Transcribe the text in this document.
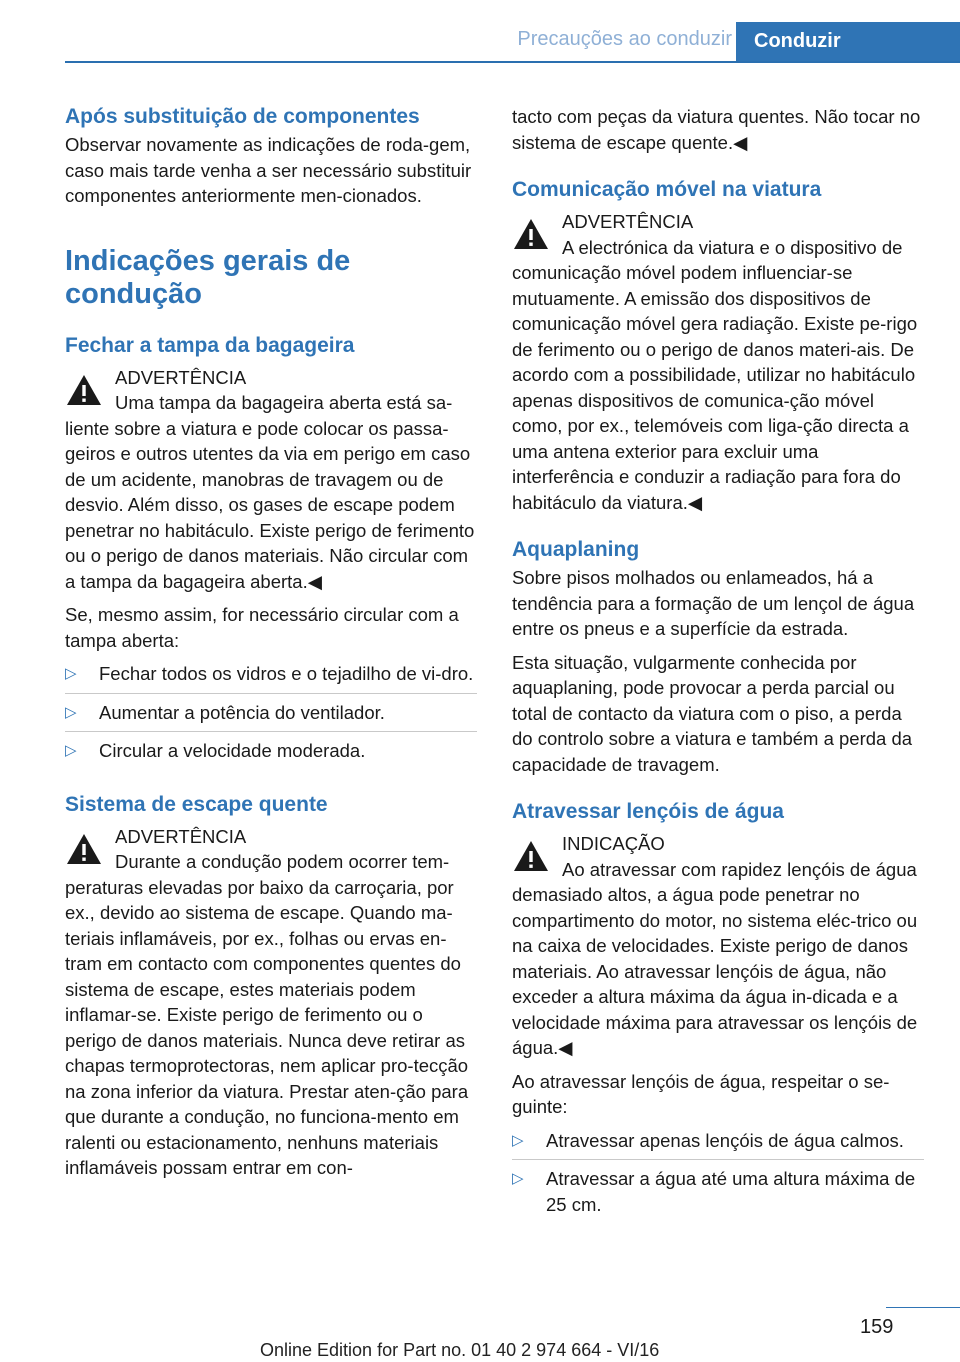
Precauções ao conduzir	Conduzir
Após substituição de componentes

Observar novamente as indicações de roda-gem, caso mais tarde venha a ser necessário substituir componentes anteriormente men-cionados.

Indicações gerais de condução
Fechar a tampa da bagageira
ADVERTÊNCIA
Uma tampa da bagageira aberta está sa-liente sobre a viatura e pode colocar os passa-geiros e outros utentes da via em perigo em caso de um acidente, manobras de travagem ou de desvio. Além disso, os gases de escape podem penetrar no habitáculo. Existe perigo de ferimento ou o perigo de danos materiais. Não circular com a tampa da bagageira aberta.◀

Se, mesmo assim, for necessário circular com a tampa aberta:

▷ Fechar todos os vidros e o tejadilho de vi-dro.
▷ Aumentar a potência do ventilador.
▷ Circular a velocidade moderada.
Sistema de escape quente
ADVERTÊNCIA
Durante a condução podem ocorrer tem-peraturas elevadas por baixo da carroçaria, por ex., devido ao sistema de escape. Quando ma-teriais inflamáveis, por ex., folhas ou ervas en-tram em contacto com componentes quentes do sistema de escape, estes materiais podem inflamar-se. Existe perigo de ferimento ou o perigo de danos materiais. Nunca deve retirar as chapas termoprotectoras, nem aplicar pro-tecção na zona inferior da viatura. Prestar aten-ção para que durante a condução, no funciona-mento em ralenti ou estacionamento, nenhuns materiais inflamáveis possam entrar em con-

tacto com peças da viatura quentes. Não tocar no sistema de escape quente.◀

Comunicação móvel na viatura
ADVERTÊNCIA
A electrónica da viatura e o dispositivo de comunicação móvel podem influenciar-se mutuamente. A emissão dos dispositivos de comunicação móvel gera radiação. Existe pe-rigo de ferimento ou o perigo de danos materi-ais. De acordo com a possibilidade, utilizar no habitáculo apenas dispositivos de comunica-ção móvel como, por ex., telemóveis com liga-ção directa a uma antena exterior para excluir uma interferência e conduzir a radiação para fora do habitáculo da viatura.◀
Aquaplaning

Sobre pisos molhados ou enlameados, há a tendência para a formação de um lençol de água entre os pneus e a superfície da estrada.

Esta situação, vulgarmente conhecida por aquaplaning, pode provocar a perda parcial ou total de contacto da viatura com o piso, a perda do controlo sobre a viatura e também a perda da capacidade de travagem.

Atravessar lençóis de água
INDICAÇÃO
Ao atravessar com rapidez lençóis de água demasiado altos, a água pode penetrar no compartimento do motor, no sistema eléc-trico ou na caixa de velocidades. Existe perigo de danos materiais. Ao atravessar lençóis de água, não exceder a altura máxima da água in-dicada e a velocidade máxima para atravessar os lençóis de água.◀

Ao atravessar lençóis de água, respeitar o se-guinte:

▷ Atravessar apenas lençóis de água calmos.
▷ Atravessar a água até uma altura máxima de 25 cm.
159
Online Edition for Part no. 01 40 2 974 664 - VI/16
